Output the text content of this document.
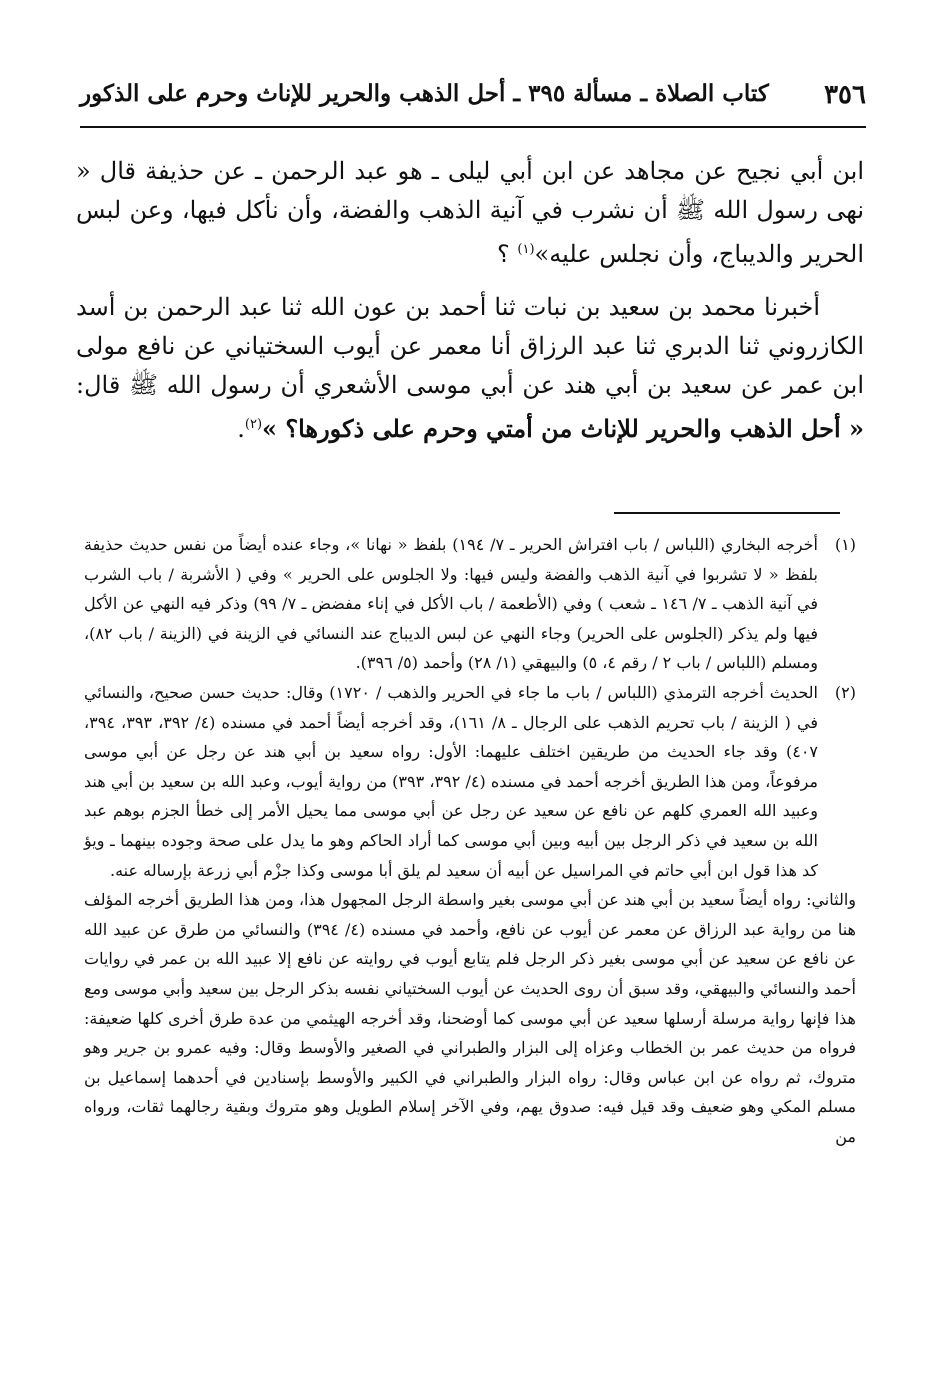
٣٥٦
كتاب الصلاة ـ مسألة ٣٩٥ ـ أحل الذهب والحرير للإناث وحرم على الذكور

ابن أبي نجيح عن مجاهد عن ابن أبي ليلى ـ هو عبد الرحمن ـ عن حذيفة قال « نهى رسول الله ﷺ أن نشرب في آنية الذهب والفضة، وأن نأكل فيها، وعن لبس الحرير والديباج، وأن نجلس عليه»$^{(١)}$ ؟

أخبرنا محمد بن سعيد بن نبات ثنا أحمد بن عون الله ثنا عبد الرحمن بن أسد الكازروني ثنا الدبري ثنا عبد الرزاق أنا معمر عن أيوب السختياني عن نافع مولى ابن عمر عن سعيد بن أبي هند عن أبي موسى الأشعري أن رسول الله ﷺ قال: « أحل الذهب والحرير للإناث من أمتي وحرم على ذكورها؟ »$^{(٢)}$.

(١)
أخرجه البخاري (اللباس / باب افتراش الحرير ـ ٧/ ١٩٤) بلفظ « نهانا »، وجاء عنده أيضاً من نفس حديث حذيفة بلفظ « لا تشربوا في آنية الذهب والفضة وليس فيها: ولا الجلوس على الحرير » وفي ( الأشربة / باب الشرب في آنية الذهب ـ ٧/ ١٤٦ ـ شعب ) وفي (الأطعمة / باب الأكل في إناء مفضض ـ ٧/ ٩٩) وذكر فيه النهي عن الأكل فيها ولم يذكر (الجلوس على الحرير) وجاء النهي عن لبس الديباج عند النسائي في الزينة في (الزينة / باب ٨٢)، ومسلم (اللباس / باب ٢ / رقم ٤، ٥) والبيهقي (١/ ٢٨) وأحمد (٥/ ٣٩٦).

(٢)
الحديث أخرجه الترمذي (اللباس / باب ما جاء في الحرير والذهب / ١٧٢٠) وقال: حديث حسن صحيح، والنسائي في ( الزينة / باب تحريم الذهب على الرجال ـ ٨/ ١٦١)، وقد أخرجه أيضاً أحمد في مسنده (٤/ ٣٩٢، ٣٩٣، ٣٩٤، ٤٠٧) وقد جاء الحديث من طريقين اختلف عليهما: الأول: رواه سعيد بن أبي هند عن رجل عن أبي موسى مرفوعاً، ومن هذا الطريق أخرجه أحمد في مسنده (٤/ ٣٩٢، ٣٩٣) من رواية أيوب، وعبد الله بن سعيد بن أبي هند وعبيد الله العمري كلهم عن نافع عن سعيد عن رجل عن أبي موسى مما يحيل الأمر إلى خطأ الجزم بوهم عبد الله بن سعيد في ذكر الرجل بين أبيه وبين أبي موسى كما أراد الحاكم وهو ما يدل على صحة وجوده بينهما ـ ويؤ كد هذا قول ابن أبي حاتم في المراسيل عن أبيه أن سعيد لم يلق أبا موسى وكذا جزْم أبي زرعة بإرساله عنه.

والثاني: رواه أيضاً سعيد بن أبي هند عن أبي موسى بغير واسطة الرجل المجهول هذا، ومن هذا الطريق أخرجه المؤلف هنا من رواية عبد الرزاق عن معمر عن أيوب عن نافع، وأحمد في مسنده (٤/ ٣٩٤) والنسائي من طرق عن عبيد الله عن نافع عن سعيد عن أبي موسى بغير ذكر الرجل فلم يتابع أيوب في روايته عن نافع إلا عبيد الله بن عمر في روايات أحمد والنسائي والبيهقي، وقد سبق أن روى الحديث عن أيوب السختياني نفسه بذكر الرجل بين سعيد وأبي موسى ومع هذا فإنها رواية مرسلة أرسلها سعيد عن أبي موسى كما أوضحنا، وقد أخرجه الهيثمي من عدة طرق أخرى كلها ضعيفة: فرواه من حديث عمر بن الخطاب وعزاه إلى البزار والطبراني في الصغير والأوسط وقال: وفيه عمرو بن جرير وهو متروك، ثم رواه عن ابن عباس وقال: رواه البزار والطبراني في الكبير والأوسط بإسنادين في أحدهما إسماعيل بن مسلم المكي وهو ضعيف وقد قيل فيه: صدوق يهم، وفي الآخر إسلام الطويل وهو متروك وبقية رجالهما ثقات، ورواه من
